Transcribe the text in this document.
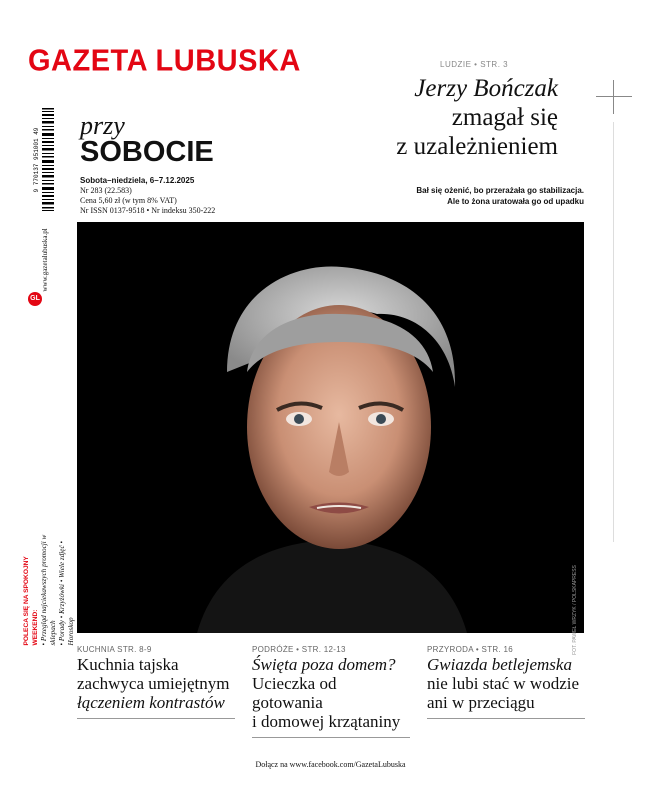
GAZETA LUBUSKA
przy
SOBOCIE
Sobota–niedziela, 6–7.12.2025
Nr 283 (22.583)
Cena 5,60 zł (w tym 8% VAT)
Nr ISSN 0137-9518 • Nr indeksu 350-222
9 770137 951001 49
www.gazetalubuska.pl
GL
POLECA SIĘ NA SPOKOJNY WEEKEND: • Przegląd najciekawszych promocji w sklepach • Porady • Krzyżówki • Wiele zdjęć • Horoskop
LUDZIE • STR. 3
Jerzy Bończak
zmagał się
z uzależnieniem
Bał się ożenić, bo przerażała go stabilizacja.
Ale to żona uratowała go od upadku
FOT. PAWEŁ WRZYK / POLSKAPRESS
KUCHNIA STR. 8-9
Kuchnia tajska
zachwyca umiejętnym
łączeniem kontrastów
PODRÓŻE • STR. 12-13
Święta poza domem?
Ucieczka od gotowania
i domowej krzątaniny
PRZYRODA • STR. 16
Gwiazda betlejemska
nie lubi stać w wodzie
ani w przeciągu
Dołącz na www.facebook.com/GazetaLubuska
